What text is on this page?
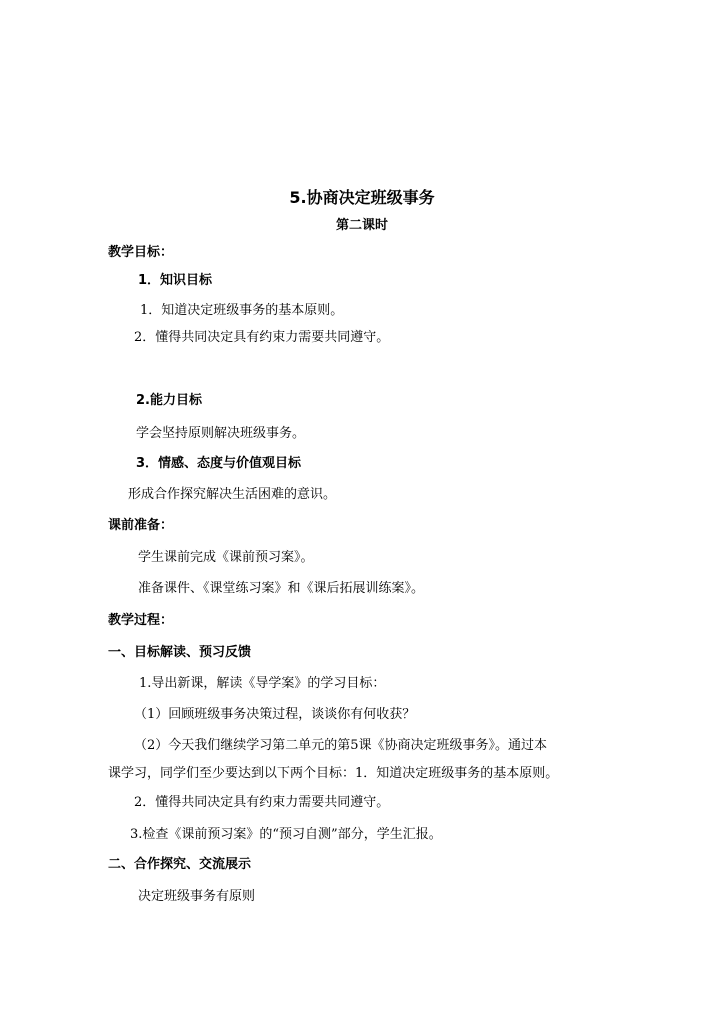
5.协商决定班级事务
第二课时
教学目标：
1．知识目标
1．知道决定班级事务的基本原则。
2．懂得共同决定具有约束力需要共同遵守。
2.能力目标
学会坚持原则解决班级事务。
3．情感、态度与价值观目标
形成合作探究解决生活困难的意识。
课前准备：
学生课前完成《课前预习案》。
准备课件、《课堂练习案》和《课后拓展训练案》。
教学过程：
一、目标解读、预习反馈
1.导出新课，解读《导学案》的学习目标：
（1）回顾班级事务决策过程，谈谈你有何收获？
（2）今天我们继续学习第二单元的第5课《协商决定班级事务》。通过本
课学习，同学们至少要达到以下两个目标：1．知道决定班级事务的基本原则。
2．懂得共同决定具有约束力需要共同遵守。
3.检查《课前预习案》的“预习自测”部分，学生汇报。
二、合作探究、交流展示
决定班级事务有原则
